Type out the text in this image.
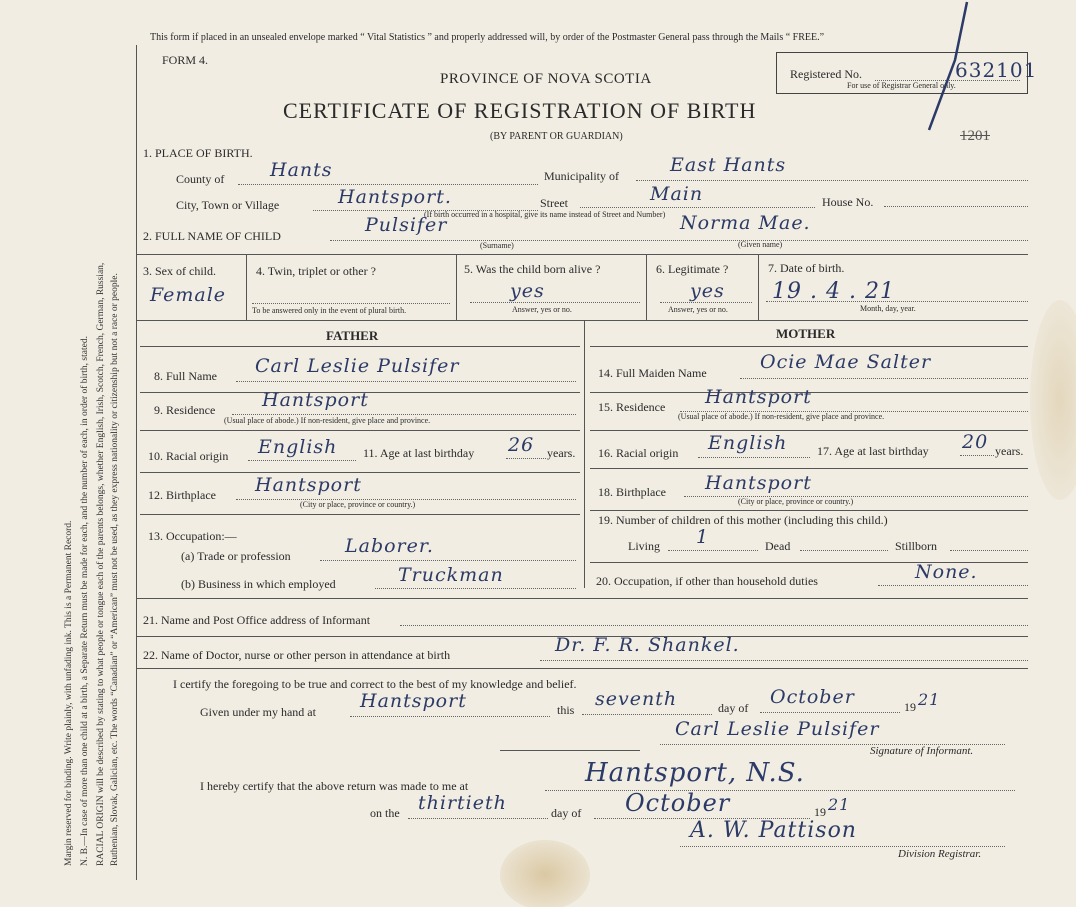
Margin reserved for binding. Write plainly, with unfading ink. This is a Permanent Record. N. B.—In case of more than one child at a birth, a Separate Return must be made for each, and the number of each, in order of birth, stated. RACIAL ORIGIN will be described by stating to what people or tongue each of the parents belongs, whether English, Irish, Scotch, French, German, Russian, Ruthenian, Slovak, Galician, etc. The words “Canadian” or “American” must not be used, as they express nationality or citizenship but not a race or people.
This form if placed in an unsealed envelope marked “ Vital Statistics ” and properly addressed will, by order of the Postmaster General pass through the Mails “ FREE.”
FORM 4.
Registered No.
For use of Registrar General only.
632101
1201
PROVINCE OF NOVA SCOTIA
CERTIFICATE OF REGISTRATION OF BIRTH
(BY PARENT OR GUARDIAN)
1. PLACE OF BIRTH.
County of Hants	Municipality of	East Hants
City, Town or Village	Hantsport.	Street	Main	House No.
(If birth occurred in a hospital, give its name instead of Street and Number)
2. FULL NAME OF CHILD	Pulsifer
(Surname)
Norma Mae.
(Given name)
3. Sex of child.
Female
4. Twin, triplet or other ?
To be answered only in the event of plural birth.
5. Was the child born alive ?
yes
Answer, yes or no.
6. Legitimate ?
yes
Answer, yes or no.
7. Date of birth.
19 . 4 . 21
Month, day, year.
FATHER	MOTHER
8. Full Name Carl Leslie Pulsifer
9. Residence Hantsport
(Usual place of abode.) If non-resident, give place and province.
10. Racial origin English 11. Age at last birthday 26 years.
12. Birthplace Hantsport
(City or place, province or country.)
13. Occupation:—
(a) Trade or profession	Laborer.
(b) Business in which employed	Truckman
14. Full Maiden Name	Ocie Mae Salter
15. Residence Hantsport
(Usual place of abode.) If non-resident, give place and province.
16. Racial origin English 17. Age at last birthday 20 years.
18. Birthplace Hantsport
(City or place, province or country.)
19. Number of children of this mother (including this child.)
Living 1	Dead	Stillborn
20. Occupation, if other than household duties	None.
21. Name and Post Office address of Informant
22. Name of Doctor, nurse or other person in attendance at birth	Dr. F. R. Shankel.
I certify the foregoing to be true and correct to the best of my knowledge and belief.
Given under my hand at Hantsport	this seventh	day of October	19 21
Carl Leslie Pulsifer
Signature of Informant.
I hereby certify that the above return was made to me at	Hantsport, N.S.
on the thirtieth	day of October	19 21
A. W. Pattison
Division Registrar.
